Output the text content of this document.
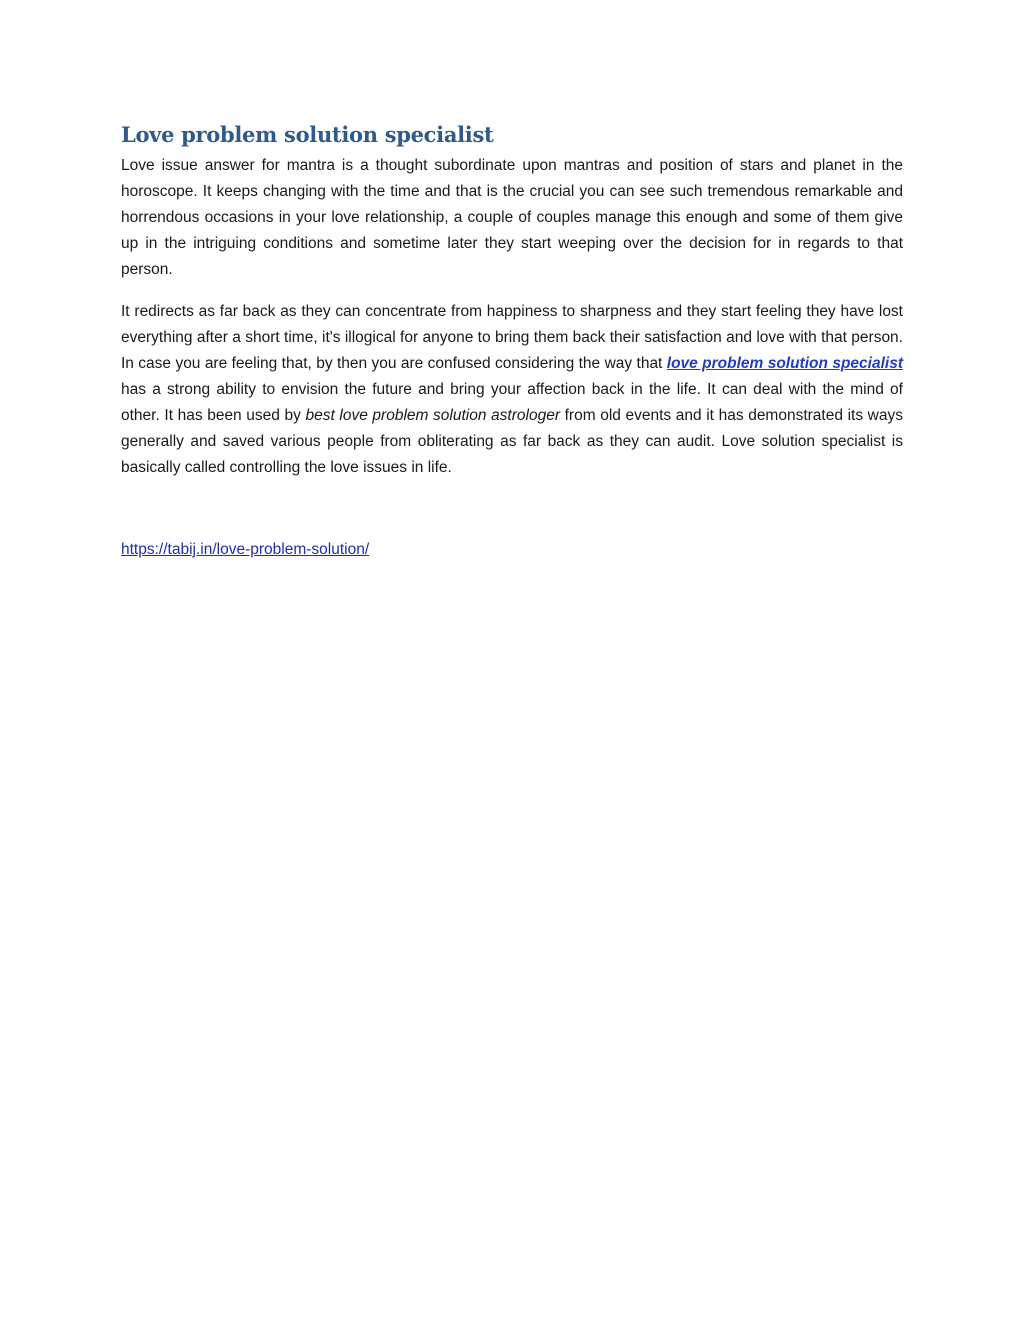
Love problem solution specialist

Love issue answer for mantra is a thought subordinate upon mantras and position of stars and planet in the horoscope. It keeps changing with the time and that is the crucial you can see such tremendous remarkable and horrendous occasions in your love relationship, a couple of couples manage this enough and some of them give up in the intriguing conditions and sometime later they start weeping over the decision for in regards to that person.

It redirects as far back as they can concentrate from happiness to sharpness and they start feeling they have lost everything after a short time, it's illogical for anyone to bring them back their satisfaction and love with that person. In case you are feeling that, by then you are confused considering the way that love problem solution specialist has a strong ability to envision the future and bring your affection back in the life. It can deal with the mind of other. It has been used by best love problem solution astrologer from old events and it has demonstrated its ways generally and saved various people from obliterating as far back as they can audit. Love solution specialist is basically called controlling the love issues in life.

https://tabij.in/love-problem-solution/
